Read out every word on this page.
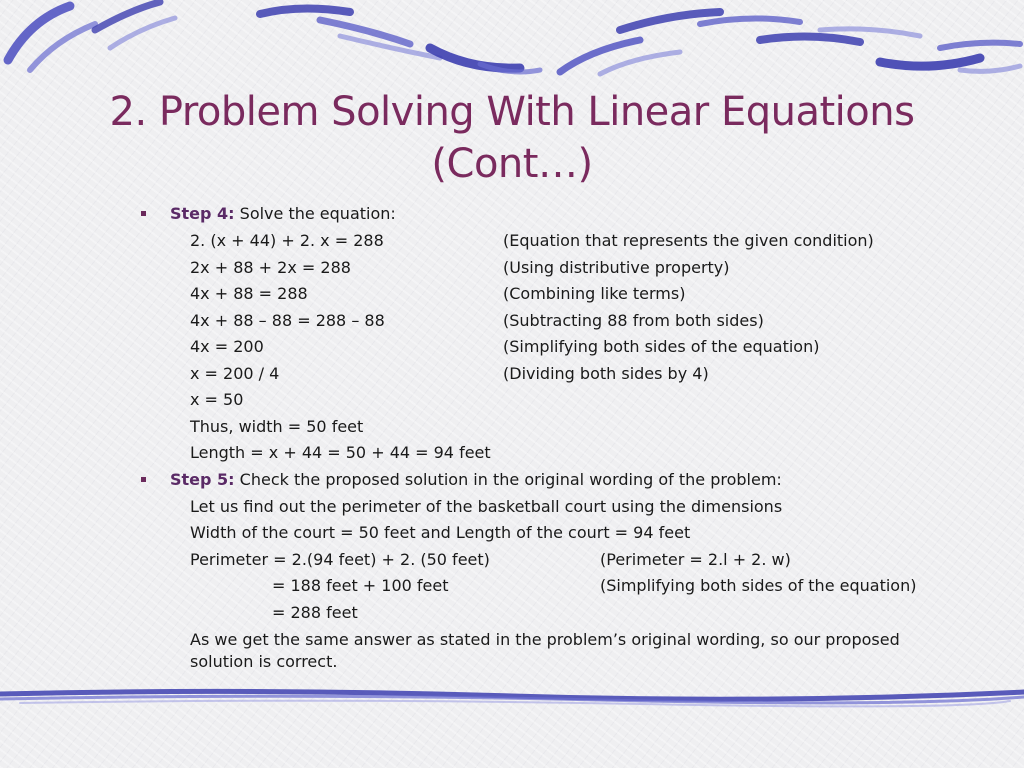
2. Problem Solving With Linear Equations
(Cont…)
Step 4: Solve the equation:
2. (x + 44) + 2. x = 288	(Equation that represents the given condition)
2x + 88 + 2x = 288	(Using distributive property)
4x + 88 = 288	(Combining like terms)
4x + 88 – 88 = 288 – 88	(Subtracting 88 from both sides)
4x = 200	(Simplifying both sides of the equation)
x = 200 / 4	(Dividing both sides by 4)
x = 50
Thus, width = 50 feet
Length = x + 44 = 50 + 44 = 94 feet
Step 5: Check the proposed solution in the original wording of the problem:
Let us find out the perimeter of the basketball court using the dimensions
Width of the court = 50 feet and Length of the court = 94 feet
Perimeter = 2.(94 feet) + 2. (50 feet)	(Perimeter = 2.l + 2. w)
= 188 feet + 100 feet	(Simplifying both sides of the equation)
= 288 feet
As we get the same answer as stated in the problem’s original wording, so our proposed solution is correct.
